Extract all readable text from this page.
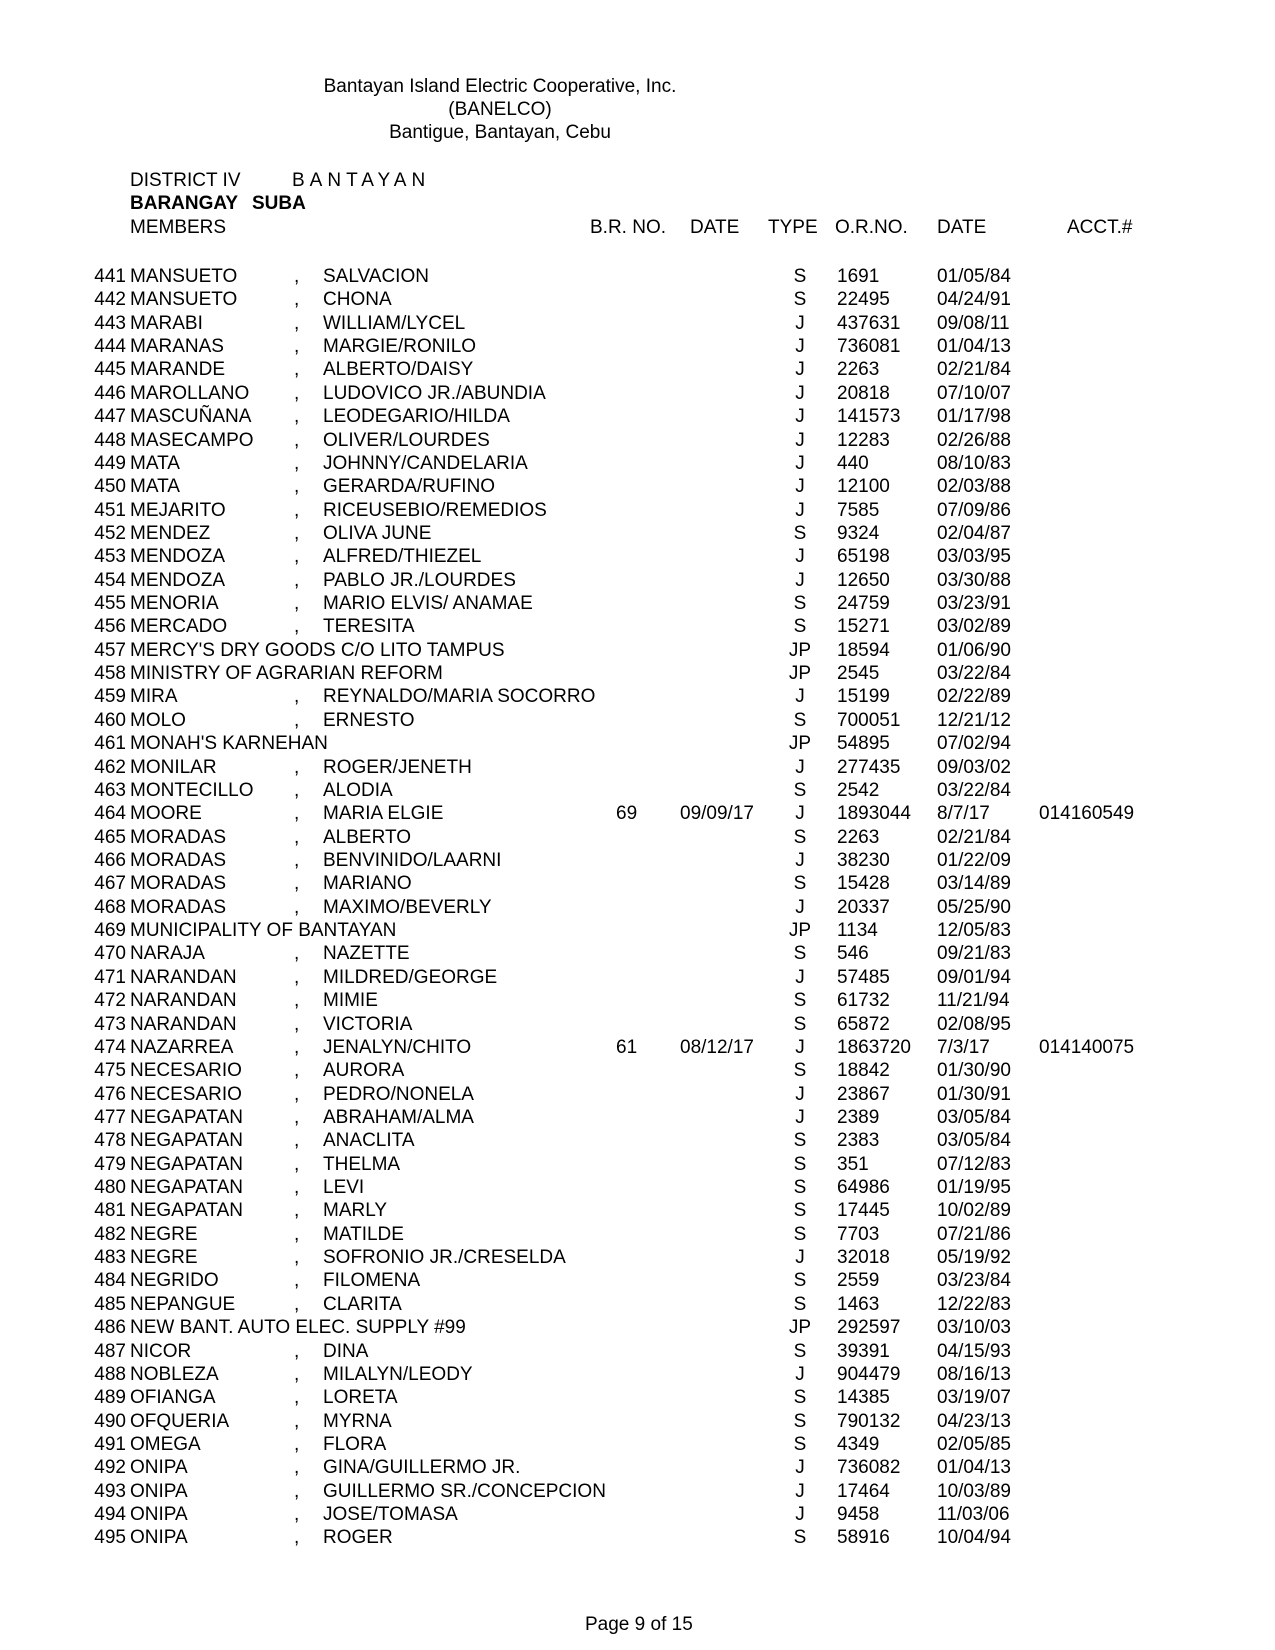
Bantayan Island Electric Cooperative, Inc.
(BANELCO)
Bantigue, Bantayan, Cebu
DISTRICT IV	BANTAYAN
BARANGAY SUBA
MEMBERS	B.R. NO. DATE TYPE O.R.NO. DATE	ACCT.#
441 MANSUETO	, SALVACION	S	1691	01/05/84
442 MANSUETO	, CHONA	S	22495 04/24/91
443 MARABI	, WILLIAM/LYCEL	J	437631 09/08/11
444 MARANAS	, MARGIE/RONILO	J	736081 01/04/13
445 MARANDE	, ALBERTO/DAISY	J	2263	02/21/84
446 MAROLLANO , LUDOVICO JR./ABUNDIA	J	20818 07/10/07
447 MASCUÑANA , LEODEGARIO/HILDA	J	141573 01/17/98
448 MASECAMPO , OLIVER/LOURDES	J	12283 02/26/88
449 MATA	, JOHNNY/CANDELARIA	J	440	08/10/83
450 MATA	, GERARDA/RUFINO	J	12100 02/03/88
451 MEJARITO	, RICEUSEBIO/REMEDIOS	J	7585	07/09/86
452 MENDEZ	, OLIVA JUNE	S	9324	02/04/87
453 MENDOZA	, ALFRED/THIEZEL	J	65198 03/03/95
454 MENDOZA	, PABLO JR./LOURDES	J	12650 03/30/88
455 MENORIA	, MARIO ELVIS/ ANAMAE	S	24759 03/23/91
456 MERCADO	, TERESITA	S	15271 03/02/89
457 MERCY'S DRY GOODS C/O LITO TAMPUS	JP	18594 01/06/90
458 MINISTRY OF AGRARIAN REFORM	JP	2545	03/22/84
459 MIRA	, REYNALDO/MARIA SOCORRO	J	15199 02/22/89
460 MOLO	, ERNESTO	S	700051 12/21/12
461 MONAH'S KARNEHAN	JP	54895 07/02/94
462 MONILAR	, ROGER/JENETH	J	277435 09/03/02
463 MONTECILLO , ALODIA	S	2542	03/22/84
464 MOORE	, MARIA ELGIE	69 09/09/17	J	1893044 8/7/17	014160549
465 MORADAS	, ALBERTO	S	2263	02/21/84
466 MORADAS	, BENVINIDO/LAARNI	J	38230 01/22/09
467 MORADAS	, MARIANO	S	15428 03/14/89
468 MORADAS	, MAXIMO/BEVERLY	J	20337 05/25/90
469 MUNICIPALITY OF BANTAYAN	JP	1134	12/05/83
470 NARAJA	, NAZETTE	S	546	09/21/83
471 NARANDAN	, MILDRED/GEORGE	J	57485 09/01/94
472 NARANDAN	, MIMIE	S	61732 11/21/94
473 NARANDAN	, VICTORIA	S	65872 02/08/95
474 NAZARREA	, JENALYN/CHITO	61 08/12/17	J	1863720 7/3/17	014140075
475 NECESARIO	, AURORA	S	18842 01/30/90
476 NECESARIO	, PEDRO/NONELA	J	23867 01/30/91
477 NEGAPATAN	, ABRAHAM/ALMA	J	2389	03/05/84
478 NEGAPATAN	, ANACLITA	S	2383	03/05/84
479 NEGAPATAN	, THELMA	S	351	07/12/83
480 NEGAPATAN	, LEVI	S	64986 01/19/95
481 NEGAPATAN	, MARLY	S	17445 10/02/89
482 NEGRE	, MATILDE	S	7703	07/21/86
483 NEGRE	, SOFRONIO JR./CRESELDA	J	32018 05/19/92
484 NEGRIDO	, FILOMENA	S	2559	03/23/84
485 NEPANGUE	, CLARITA	S	1463	12/22/83
486 NEW BANT. AUTO ELEC. SUPPLY #99	JP	292597 03/10/03
487 NICOR	, DINA	S	39391 04/15/93
488 NOBLEZA	, MILALYN/LEODY	J	904479 08/16/13
489 OFIANGA	, LORETA	S	14385 03/19/07
490 OFQUERIA	, MYRNA	S	790132 04/23/13
491 OMEGA	, FLORA	S	4349	02/05/85
492 ONIPA	, GINA/GUILLERMO JR.	J	736082 01/04/13
493 ONIPA	, GUILLERMO SR./CONCEPCION	J	17464 10/03/89
494 ONIPA	, JOSE/TOMASA	J	9458	11/03/06
495 ONIPA	, ROGER	S	58916 10/04/94
Page 9 of 15
